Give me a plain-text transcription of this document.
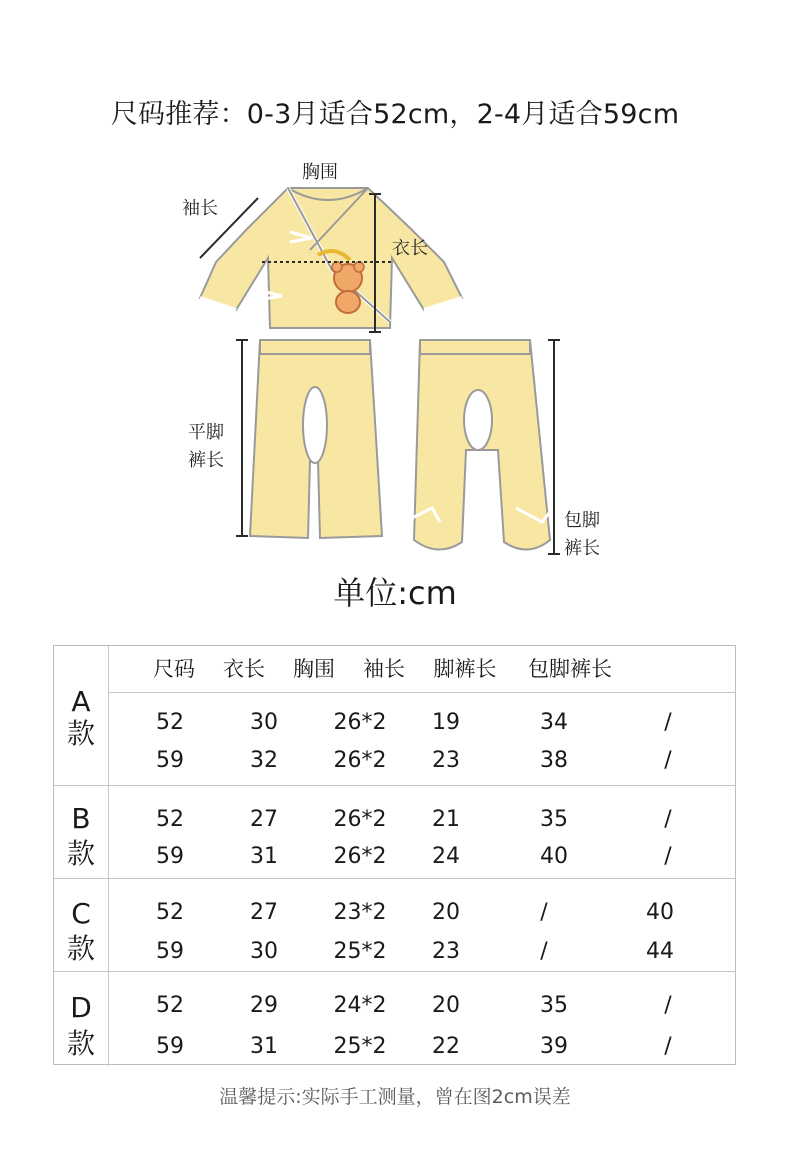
尺码推荐：0-3月适合52cm，2-4月适合59cm
胸围
袖长
衣长
平脚
裤长
包脚
裤长
单位:cm
尺码	衣长	胸围	袖长	脚裤长	包脚裤长
A
款	52	30	26*2	19	34	/
59	32	26*2	23	38	/
B
款
52	27	26*2	21	35	/
59	31	26*2	24	40	/
C
款
52	27	23*2	20	/	40
59	30	25*2	23	/	44
D
款
52	29	24*2	20	35	/
59	31	25*2	22	39	/
温馨提示:实际手工测量，曾在图2cm误差
